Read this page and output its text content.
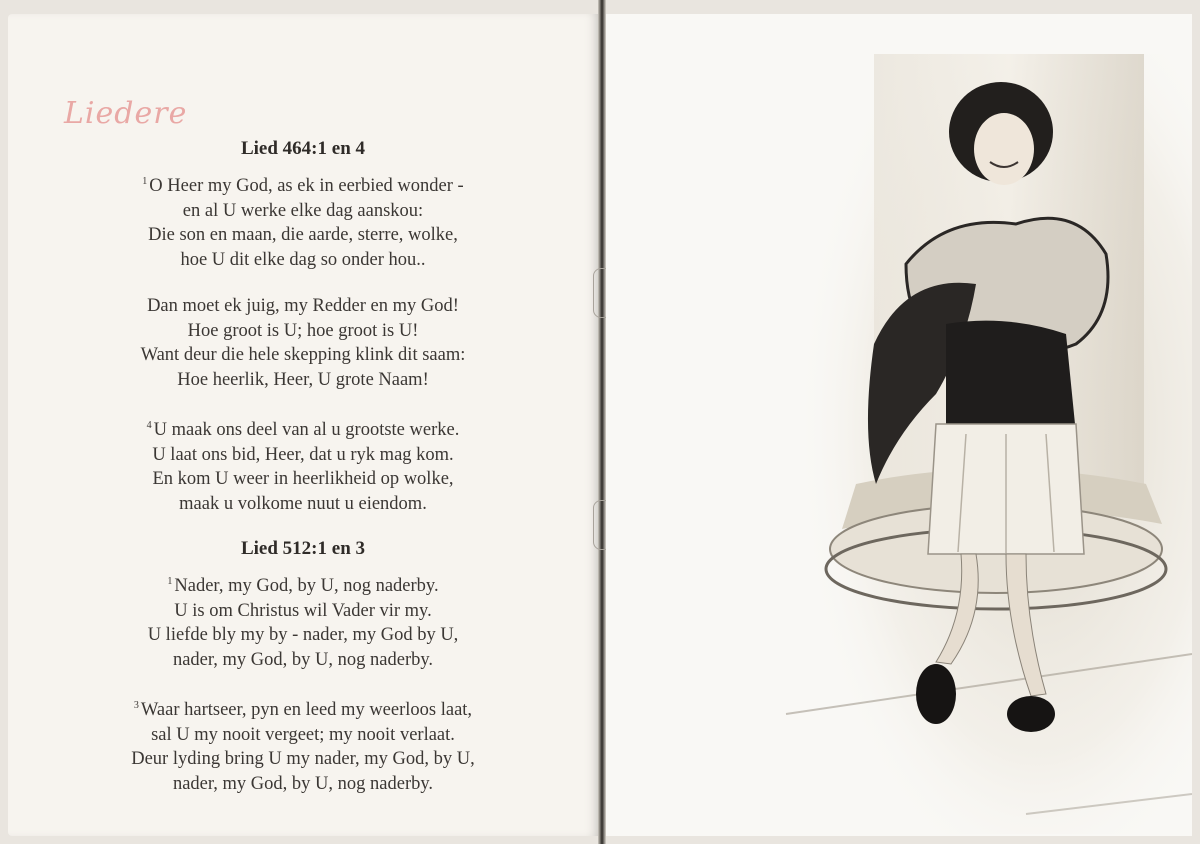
Liedere
Lied 464:1 en 4
$^1$ O Heer my God, as ek in eerbied wonder -
en al U werke elke dag aanskou:
Die son en maan, die aarde, sterre, wolke,
hoe U dit elke dag so onder hou..
Dan moet ek juig, my Redder en my God!
Hoe groot is U; hoe groot is U!
Want deur die hele skepping klink dit saam:
Hoe heerlik, Heer, U grote Naam!
$^4$ U maak ons deel van al u grootste werke.
U laat ons bid, Heer, dat u ryk mag kom.
En kom U weer in heerlikheid op wolke,
maak u volkome nuut u eiendom.
Lied 512:1 en 3
$^1$ Nader, my God, by U, nog naderby.
U is om Christus wil Vader vir my.
U liefde bly my by - nader, my God by U,
nader, my God, by U, nog naderby.
$^3$ Waar hartseer, pyn en leed my weerloos laat,
sal U my nooit vergeet; my nooit verlaat.
Deur lyding bring U my nader, my God, by U,
nader, my God, by U, nog naderby.
